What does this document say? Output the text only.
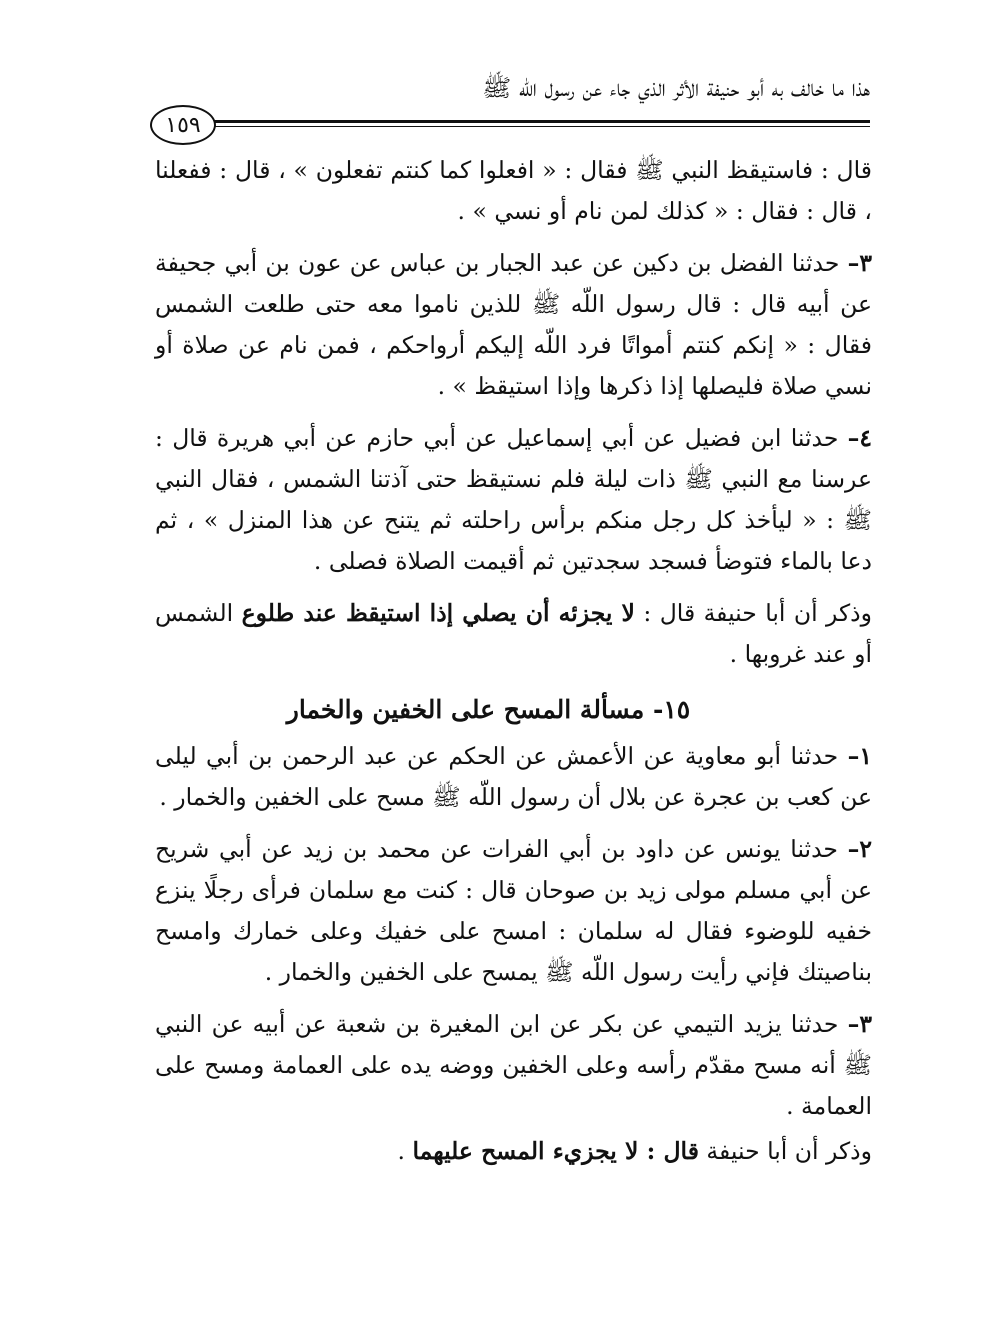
هذا ما خالف به أبو حنيفة الأثر الذي جاء عن رسول اللّه ﷺ
١٥٩

قال : فاستيقظ النبي ﷺ فقال : « افعلوا كما كنتم تفعلون » ، قال : ففعلنا ، قال : فقال : « كذلك لمن نام أو نسي » .

٣– حدثنا الفضل بن دكين عن عبد الجبار بن عباس عن عون بن أبي جحيفة عن أبيه قال : قال رسول اللّه ﷺ للذين ناموا معه حتى طلعت الشمس فقال : « إنكم كنتم أمواتًا فرد اللّه إليكم أرواحكم ، فمن نام عن صلاة أو نسي صلاة فليصلها إذا ذكرها وإذا استيقظ » .

٤– حدثنا ابن فضيل عن أبي إسماعيل عن أبي حازم عن أبي هريرة قال : عرسنا مع النبي ﷺ ذات ليلة فلم نستيقظ حتى آذتنا الشمس ، فقال النبي ﷺ : « ليأخذ كل رجل منكم برأس راحلته ثم يتنح عن هذا المنزل » ، ثم دعا بالماء فتوضأ فسجد سجدتين ثم أقيمت الصلاة فصلى .

وذكر أن أبا حنيفة قال : لا يجزئه أن يصلي إذا استيقظ عند طلوع الشمس أو عند غروبها .

١٥- مسألة المسح على الخفين والخمار

١– حدثنا أبو معاوية عن الأعمش عن الحكم عن عبد الرحمن بن أبي ليلى عن كعب بن عجرة عن بلال أن رسول اللّه ﷺ مسح على الخفين والخمار .

٢– حدثنا يونس عن داود بن أبي الفرات عن محمد بن زيد عن أبي شريح عن أبي مسلم مولى زيد بن صوحان قال : كنت مع سلمان فرأى رجلًا ينزع خفيه للوضوء فقال له سلمان : امسح على خفيك وعلى خمارك وامسح بناصيتك فإني رأيت رسول اللّه ﷺ يمسح على الخفين والخمار .

٣– حدثنا يزيد التيمي عن بكر عن ابن المغيرة بن شعبة عن أبيه عن النبي ﷺ أنه مسح مقدّم رأسه وعلى الخفين ووضه يده على العمامة ومسح على العمامة .

وذكر أن أبا حنيفة قال : لا يجزيء المسح عليهما .
